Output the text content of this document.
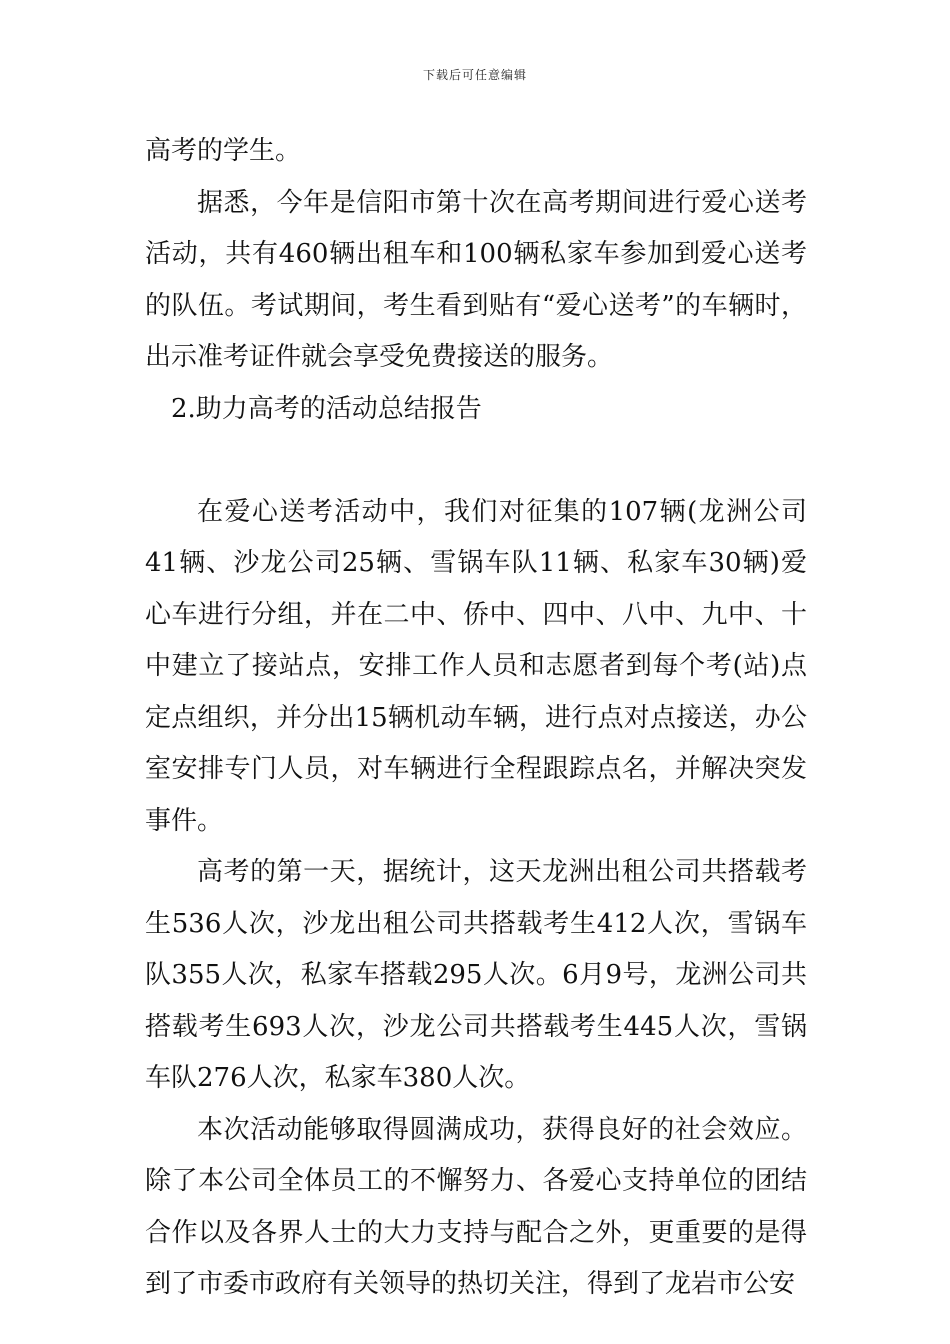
下载后可任意编辑

高考的学生。

据悉，今年是信阳市第十次在高考期间进行爱心送考活动，共有460辆出租车和100辆私家车参加到爱心送考的队伍。考试期间，考生看到贴有“爱心送考”的车辆时，出示准考证件就会享受免费接送的服务。

2.助力高考的活动总结报告

在爱心送考活动中，我们对征集的107辆(龙洲公司41辆、沙龙公司25辆、雪锅车队11辆、私家车30辆)爱心车进行分组，并在二中、侨中、四中、八中、九中、十中建立了接站点，安排工作人员和志愿者到每个考(站)点定点组织，并分出15辆机动车辆，进行点对点接送，办公室安排专门人员，对车辆进行全程跟踪点名，并解决突发事件。

高考的第一天，据统计，这天龙洲出租公司共搭载考生536人次，沙龙出租公司共搭载考生412人次，雪锅车队355人次，私家车搭载295人次。6月9号，龙洲公司共搭载考生693人次，沙龙公司共搭载考生445人次，雪锅车队276人次，私家车380人次。

本次活动能够取得圆满成功，获得良好的社会效应。除了本公司全体员工的不懈努力、各爱心支持单位的团结合作以及各界人士的大力支持与配合之外，更重要的是得到了市委市政府有关领导的热切关注，得到了龙岩市公安
